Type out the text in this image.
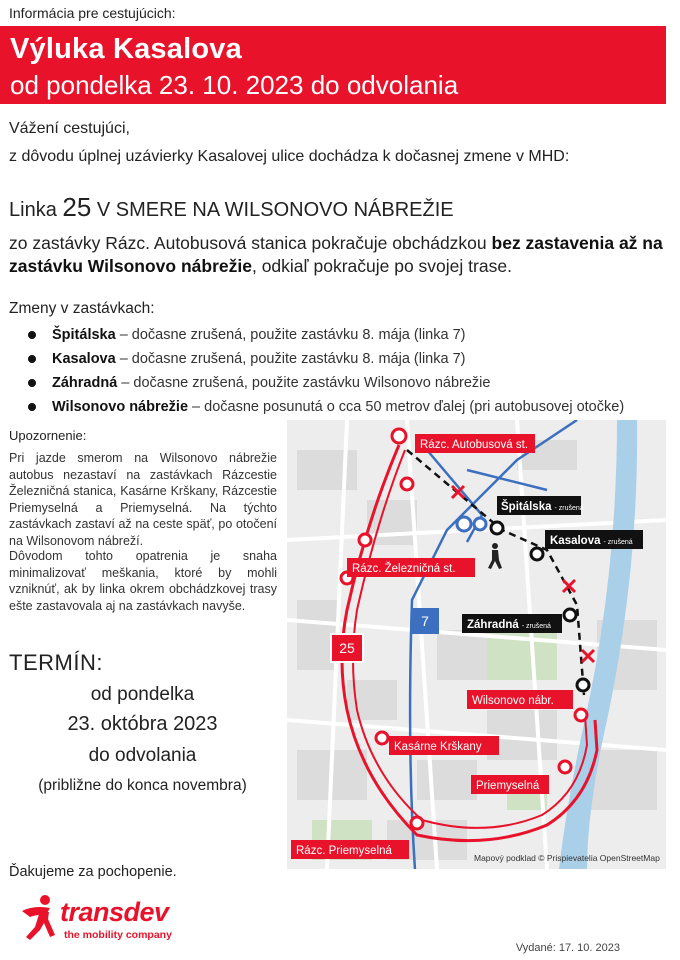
Informácia pre cestujúcich:
Výluka Kasalova
od pondelka 23. 10. 2023 do odvolania
Vážení cestujúci,
z dôvodu úplnej uzávierky Kasalovej ulice dochádza k dočasnej zmene v MHD:
Linka 25 V SMERE NA WILSONOVO NÁBREŽIE
zo zastávky Rázc. Autobusová stanica pokračuje obchádzkou bez zastavenia až na zastávku Wilsonovo nábrežie, odkiaľ pokračuje po svojej trase.
Zmeny v zastávkach:
Špitálska – dočasne zrušená, použite zastávku 8. mája (linka 7)
Kasalova – dočasne zrušená, použite zastávku 8. mája (linka 7)
Záhradná – dočasne zrušená, použite zastávku Wilsonovo nábrežie
Wilsonovo nábrežie – dočasne posunutá o cca 50 metrov ďalej (pri autobusovej otočke)
Upozornenie:
Pri jazde smerom na Wilsonovo nábrežie autobus nezastaví na zastávkach Rázcestie Železničná stanica, Kasárne Krškany, Rázcestie Priemyselná a Priemyselná. Na týchto zastávkach zastaví až na ceste späť, po otočení na Wilsonovom nábreží.
Dôvodom tohto opatrenia je snaha minimalizovať meškania, ktoré by mohli vzniknúť, ak by linka okrem obchádzkovej trasy ešte zastavovala aj na zastávkach navyše.
TERMÍN:
od pondelka
23. októbra 2023
do odvolania
(približne do konca novembra)
Ďakujeme za pochopenie.
transdev
the mobility company
Vydané: 17. 10. 2023
Rázc. Autobusová st.
Špitálska - zrušená
Kasalova - zrušená
Záhradná - zrušená
Wilsonovo nábr.
Rázc. Železničná st.
Kasárne Krškany
Priemyselná
Rázc. Priemyselná
25
7
Mapový podklad © Prispievatelia OpenStreetMap
